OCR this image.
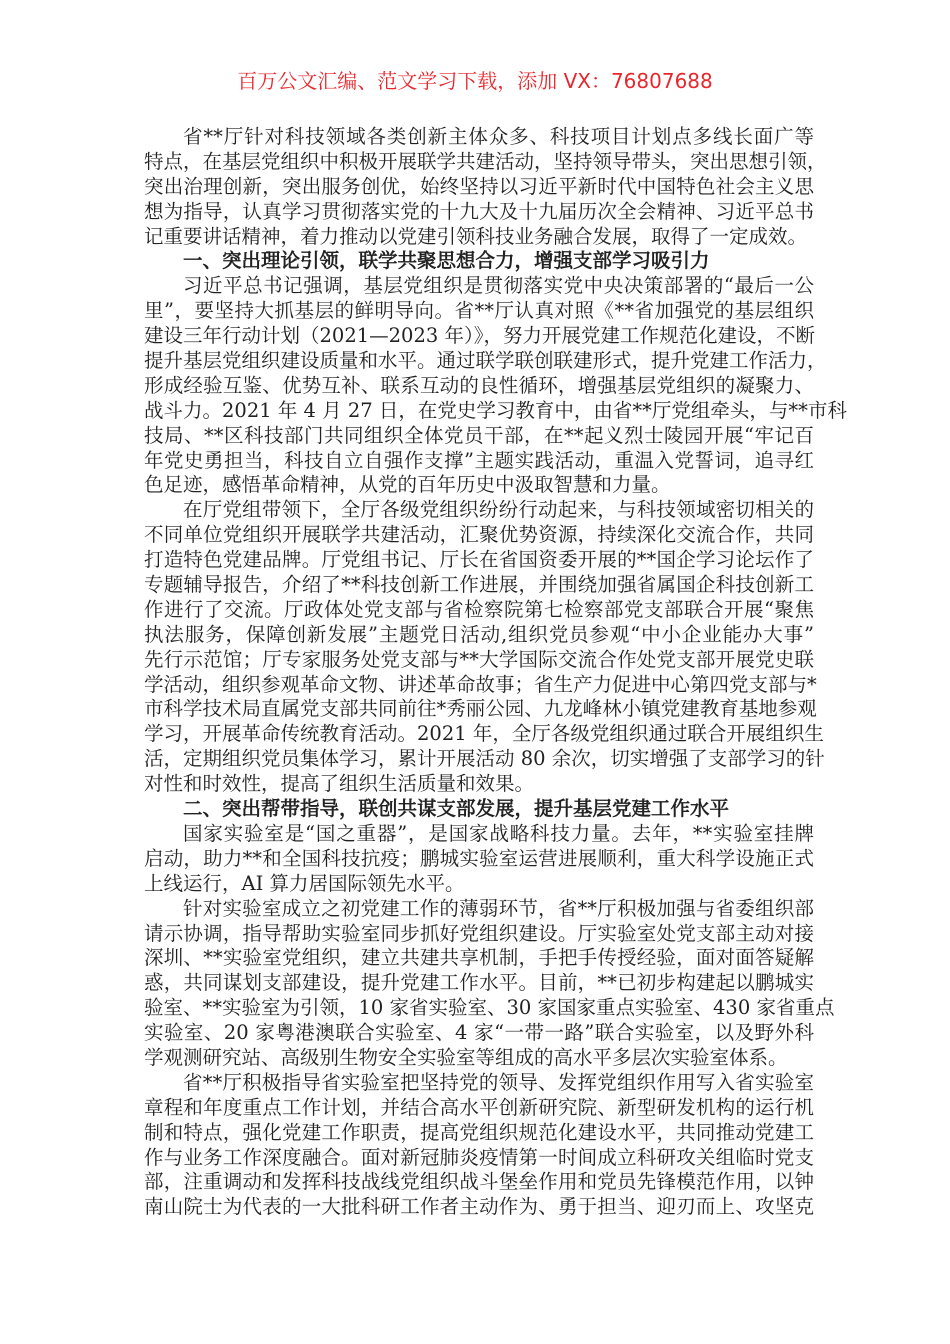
百万公文汇编、范文学习下载，添加 VX：76807688
省**厅针对科技领域各类创新主体众多、科技项目计划点多线长面广等
特点，在基层党组织中积极开展联学共建活动，坚持领导带头，突出思想引领，
突出治理创新，突出服务创优，始终坚持以习近平新时代中国特色社会主义思
想为指导，认真学习贯彻落实党的十九大及十九届历次全会精神、习近平总书
记重要讲话精神，着力推动以党建引领科技业务融合发展，取得了一定成效。
一、突出理论引领，联学共聚思想合力，增强支部学习吸引力
习近平总书记强调，基层党组织是贯彻落实党中央决策部署的“最后一公
里”，要坚持大抓基层的鲜明导向。省**厅认真对照《**省加强党的基层组织
建设三年行动计划（2021—2023 年）》，努力开展党建工作规范化建设，不断
提升基层党组织建设质量和水平。通过联学联创联建形式，提升党建工作活力，
形成经验互鉴、优势互补、联系互动的良性循环，增强基层党组织的凝聚力、
战斗力。2021 年 4 月 27 日，在党史学习教育中，由省**厅党组牵头，与**市科
技局、**区科技部门共同组织全体党员干部，在**起义烈士陵园开展“牢记百
年党史勇担当，科技自立自强作支撑”主题实践活动，重温入党誓词，追寻红
色足迹，感悟革命精神，从党的百年历史中汲取智慧和力量。
在厅党组带领下，全厅各级党组织纷纷行动起来，与科技领域密切相关的
不同单位党组织开展联学共建活动，汇聚优势资源，持续深化交流合作，共同
打造特色党建品牌。厅党组书记、厅长在省国资委开展的**国企学习论坛作了
专题辅导报告，介绍了**科技创新工作进展，并围绕加强省属国企科技创新工
作进行了交流。厅政体处党支部与省检察院第七检察部党支部联合开展“聚焦
执法服务，保障创新发展”主题党日活动,组织党员参观“中小企业能办大事”
先行示范馆；厅专家服务处党支部与**大学国际交流合作处党支部开展党史联
学活动，组织参观革命文物、讲述革命故事；省生产力促进中心第四党支部与*
市科学技术局直属党支部共同前往*秀丽公园、九龙峰林小镇党建教育基地参观
学习，开展革命传统教育活动。2021 年，全厅各级党组织通过联合开展组织生
活，定期组织党员集体学习，累计开展活动 80 余次，切实增强了支部学习的针
对性和时效性，提高了组织生活质量和效果。
二、突出帮带指导，联创共谋支部发展，提升基层党建工作水平
国家实验室是“国之重器”，是国家战略科技力量。去年，**实验室挂牌
启动，助力**和全国科技抗疫；鹏城实验室运营进展顺利，重大科学设施正式
上线运行，AI 算力居国际领先水平。
针对实验室成立之初党建工作的薄弱环节，省**厅积极加强与省委组织部
请示协调，指导帮助实验室同步抓好党组织建设。厅实验室处党支部主动对接
深圳、**实验室党组织，建立共建共享机制，手把手传授经验，面对面答疑解
惑，共同谋划支部建设，提升党建工作水平。目前，**已初步构建起以鹏城实
验室、**实验室为引领，10 家省实验室、30 家国家重点实验室、430 家省重点
实验室、20 家粤港澳联合实验室、4 家“一带一路”联合实验室，以及野外科
学观测研究站、高级别生物安全实验室等组成的高水平多层次实验室体系。
省**厅积极指导省实验室把坚持党的领导、发挥党组织作用写入省实验室
章程和年度重点工作计划，并结合高水平创新研究院、新型研发机构的运行机
制和特点，强化党建工作职责，提高党组织规范化建设水平，共同推动党建工
作与业务工作深度融合。面对新冠肺炎疫情第一时间成立科研攻关组临时党支
部，注重调动和发挥科技战线党组织战斗堡垒作用和党员先锋模范作用，以钟
南山院士为代表的一大批科研工作者主动作为、勇于担当、迎刃而上、攻坚克
